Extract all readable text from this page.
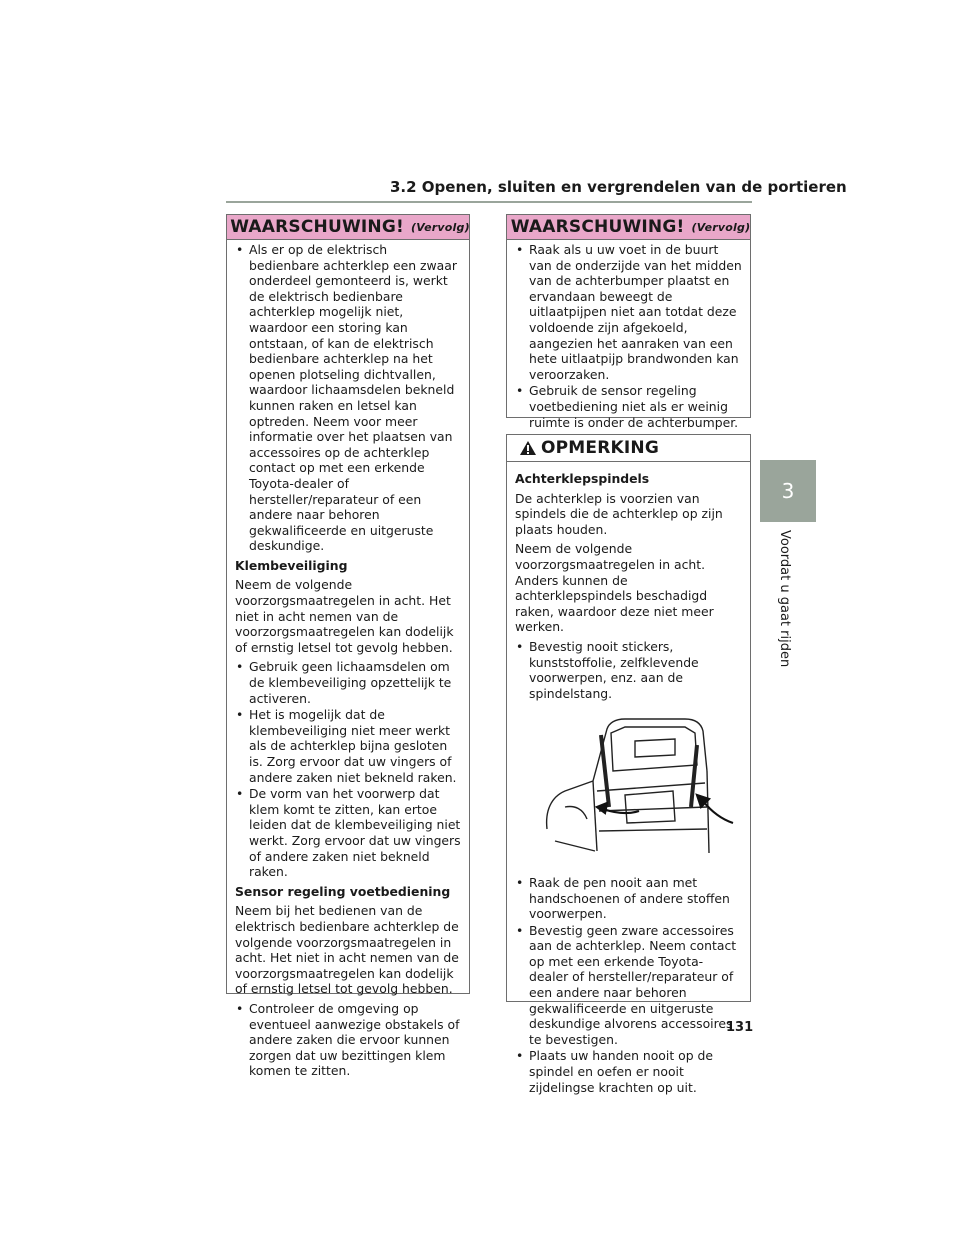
3.2 Openen, sluiten en vergrendelen van de portieren
WAARSCHUWING! (Vervolg)
• Als er op de elektrisch bedienbare achterklep een zwaar onderdeel gemonteerd is, werkt de elektrisch bedienbare achterklep mogelijk niet, waardoor een storing kan ontstaan, of kan de elektrisch bedienbare achterklep na het openen plotseling dichtvallen, waardoor lichaamsdelen bekneld kunnen raken en letsel kan optreden. Neem voor meer informatie over het plaatsen van accessoires op de achterklep contact op met een erkende Toyota-dealer of hersteller/reparateur of een andere naar behoren gekwalificeerde en uitgeruste deskundige.
Klembeveiliging

Neem de volgende voorzorgsmaatregelen in acht. Het niet in acht nemen van de voorzorgsmaatregelen kan dodelijk of ernstig letsel tot gevolg hebben.

• Gebruik geen lichaamsdelen om de klembeveiliging opzettelijk te activeren.
• Het is mogelijk dat de klembeveiliging niet meer werkt als de achterklep bijna gesloten is. Zorg ervoor dat uw vingers of andere zaken niet bekneld raken.
• De vorm van het voorwerp dat klem komt te zitten, kan ertoe leiden dat de klembeveiliging niet werkt. Zorg ervoor dat uw vingers of andere zaken niet bekneld raken.
Sensor regeling voetbediening

Neem bij het bedienen van de elektrisch bedienbare achterklep de volgende voorzorgsmaatregelen in acht. Het niet in acht nemen van de voorzorgsmaatregelen kan dodelijk of ernstig letsel tot gevolg hebben.

• Controleer de omgeving op eventueel aanwezige obstakels of andere zaken die ervoor kunnen zorgen dat uw bezittingen klem komen te zitten.
WAARSCHUWING! (Vervolg)
• Raak als u uw voet in de buurt van de onderzijde van het midden van de achterbumper plaatst en ervandaan beweegt de uitlaatpijpen niet aan totdat deze voldoende zijn afgekoeld, aangezien het aanraken van een hete uitlaatpijp brandwonden kan veroorzaken.
• Gebruik de sensor regeling voetbediening niet als er weinig ruimte is onder de achterbumper.
OPMERKING
Achterklepspindels

De achterklep is voorzien van spindels die de achterklep op zijn plaats houden.

Neem de volgende voorzorgsmaatregelen in acht. Anders kunnen de achterklepspindels beschadigd raken, waardoor deze niet meer werken.

• Bevestig nooit stickers, kunststoffolie, zelfklevende voorwerpen, enz. aan de spindelstang.
• Raak de pen nooit aan met handschoenen of andere stoffen voorwerpen.
• Bevestig geen zware accessoires aan de achterklep. Neem contact op met een erkende Toyota-dealer of hersteller/reparateur of een andere naar behoren gekwalificeerde en uitgeruste deskundige alvorens accessoires te bevestigen.
• Plaats uw handen nooit op de spindel en oefen er nooit zijdelingse krachten op uit.
3
Voordat u gaat rijden
131
